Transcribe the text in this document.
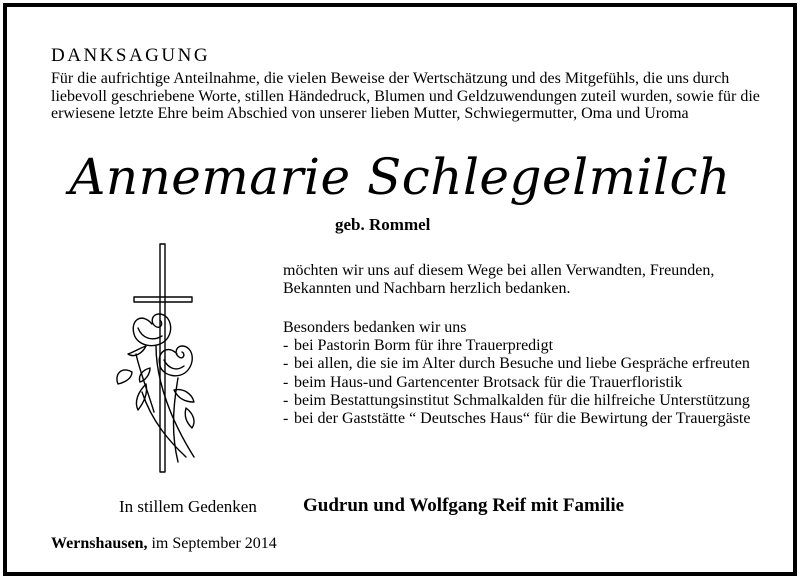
DANKSAGUNG
Für die aufrichtige Anteilnahme, die vielen Beweise der Wertschätzung und des Mitgefühls, die uns durch liebevoll geschriebene Worte, stillen Händedruck, Blumen und Geldzuwendungen zuteil wurden, sowie für die erwiesene letzte Ehre beim Abschied von unserer lieben Mutter, Schwiegermutter, Oma und Uroma
Annemarie Schlegelmilch
geb. Rommel
möchten wir uns auf diesem Wege bei allen Verwandten, Freunden, Bekannten und Nachbarn herzlich bedanken.
Besonders bedanken wir uns
- bei Pastorin Borm für ihre Trauerpredigt
- bei allen, die sie im Alter durch Besuche und liebe Gespräche erfreuten
- beim Haus-und Gartencenter Brotsack für die Trauerfloristik
- beim Bestattungsinstitut Schmalkalden für die hilfreiche Unterstützung
- bei der Gaststätte “ Deutsches Haus“ für die Bewirtung der Trauergäste
In stillem Gedenken Gudrun und Wolfgang Reif mit Familie
Wernshausen, im September 2014
